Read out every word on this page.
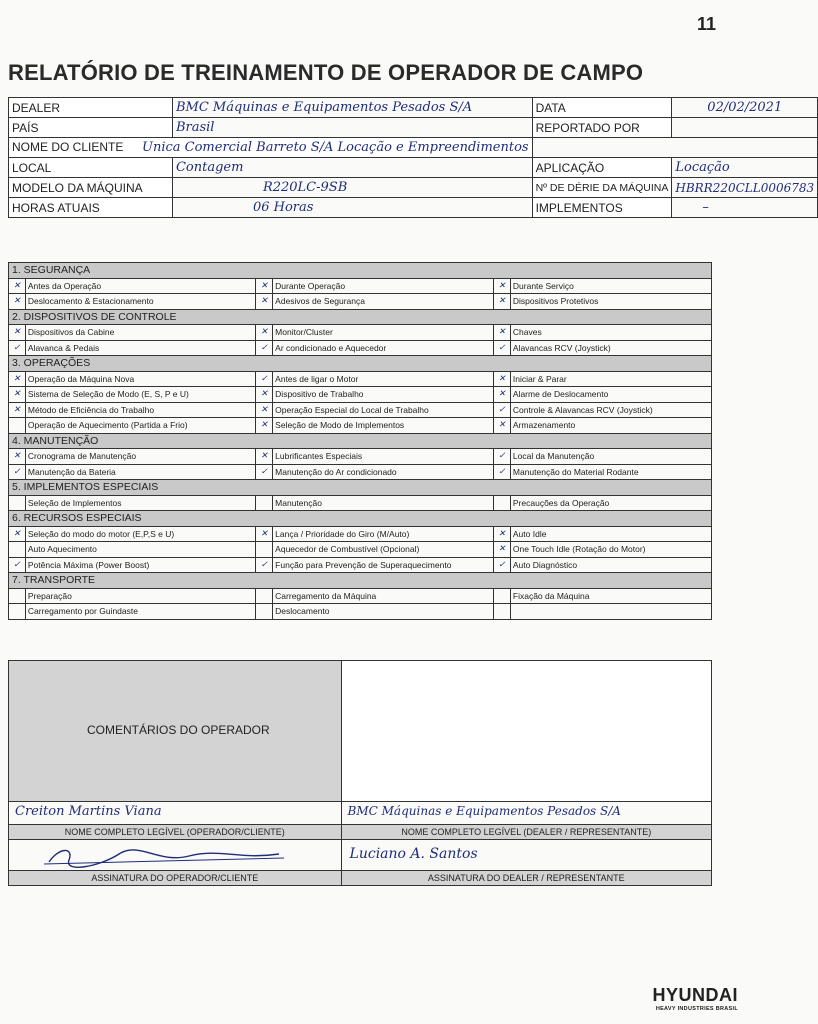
11
RELATÓRIO DE TREINAMENTO DE OPERADOR DE CAMPO
DEALER	BMC Máquinas e Equipamentos Pesados S/A	DATA	02/02/2021
PAÍS	Brasil	REPORTADO POR	
NOME DO CLIENTE Unica Comercial Barreto S/A Locação e Empreendimentos			
LOCAL	Contagem	APLICAÇÃO	Locação
MODELO DA MÁQUINA	R220LC-9SB	Nº DE DÉRIE DA MÁQUINA	HBRR220CLL0006783
HORAS ATUAIS	06 Horas	IMPLEMENTOS	–
1. SEGURANÇA					
✕	Antes da Operação	✕	Durante Operação	✕	Durante Serviço
✕	Deslocamento & Estacionamento	✕	Adesivos de Segurança	✕	Dispositivos Protetivos
2. DISPOSITIVOS DE CONTROLE					
✕	Dispositivos da Cabine	✕	Monitor/Cluster	✕	Chaves
✓	Alavanca & Pedais	✓	Ar condicionado e Aquecedor	✓	Alavancas RCV (Joystick)
3. OPERAÇÕES					
✕	Operação da Máquina Nova	✓	Antes de ligar o Motor	✕	Iniciar & Parar
✕	Sistema de Seleção de Modo (E, S, P e U)	✕	Dispositivo de Trabalho	✕	Alarme de Deslocamento
✕	Método de Eficiência do Trabalho	✕	Operação Especial do Local de Trabalho	✓	Controle & Alavancas RCV (Joystick)
	Operação de Aquecimento (Partida a Frio)	✕	Seleção de Modo de Implementos	✕	Armazenamento
4. MANUTENÇÃO					
✕	Cronograma de Manutenção	✕	Lubrificantes Especiais	✓	Local da Manutenção
✓	Manutenção da Bateria	✓	Manutenção do Ar condicionado	✓	Manutenção do Material Rodante
5. IMPLEMENTOS ESPECIAIS					
	Seleção de Implementos		Manutenção		Precauções da Operação
6. RECURSOS ESPECIAIS					
✕	Seleção do modo do motor (E,P,S e U)	✕	Lança / Prioridade do Giro (M/Auto)	✕	Auto Idle
	Auto Aquecimento		Aquecedor de Combustível (Opcional)	✕	One Touch Idle (Rotação do Motor)
✓	Potência Máxima (Power Boost)	✓	Função para Prevenção de Superaquecimento	✓	Auto Diagnóstico
7. TRANSPORTE					
	Preparação		Carregamento da Máquina		Fixação da Máquina
	Carregamento por Guindaste		Deslocamento		
COMENTÁRIOS DO OPERADOR	

Creiton Martins Viana	BMC Máquinas e Equipamentos Pesados S/A

NOME COMPLETO LEGÍVEL (OPERADOR/CLIENTE)	NOME COMPLETO LEGÍVEL (DEALER / REPRESENTANTE)

Luciano A. Santos

ASSINATURA DO OPERADOR/CLIENTE	ASSINATURA DO DEALER / REPRESENTANTE
HYUNDAI
HEAVY INDUSTRIES BRASIL
